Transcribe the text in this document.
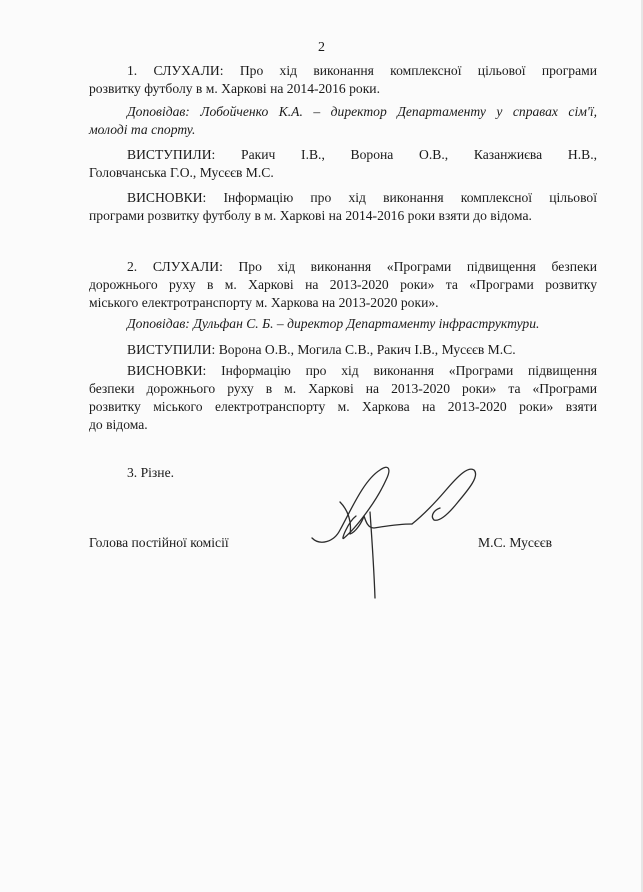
2
1. СЛУХАЛИ: Про хід виконання комплексної цільової програми
розвитку футболу в м. Харкові на 2014-2016 роки.
Доповідав: Лобойченко К.А. – директор Департаменту у справах сім'ї,
молоді та спорту.
ВИСТУПИЛИ: Ракич І.В., Ворона О.В., Казанжиєва Н.В.,
Головчанська Г.О., Мусєєв М.С.
ВИСНОВКИ: Інформацію про хід виконання комплексної цільової
програми розвитку футболу в м. Харкові на 2014-2016 роки взяти до відома.
2. СЛУХАЛИ: Про хід виконання «Програми підвищення безпеки
дорожнього руху в м. Харкові на 2013-2020 роки» та «Програми розвитку
міського електротранспорту м. Харкова на 2013-2020 роки».

Доповідав: Дульфан С. Б. – директор Департаменту інфраструктури.

ВИСТУПИЛИ: Ворона О.В., Могила С.В., Ракич І.В., Мусєєв М.С.

ВИСНОВКИ: Інформацію про хід виконання «Програми підвищення
безпеки дорожнього руху в м. Харкові на 2013-2020 роки» та «Програми
розвитку міського електротранспорту м. Харкова на 2013-2020 роки» взяти
до відома.

3. Різне.

Голова постійної комісії	М.С. Мусєєв
